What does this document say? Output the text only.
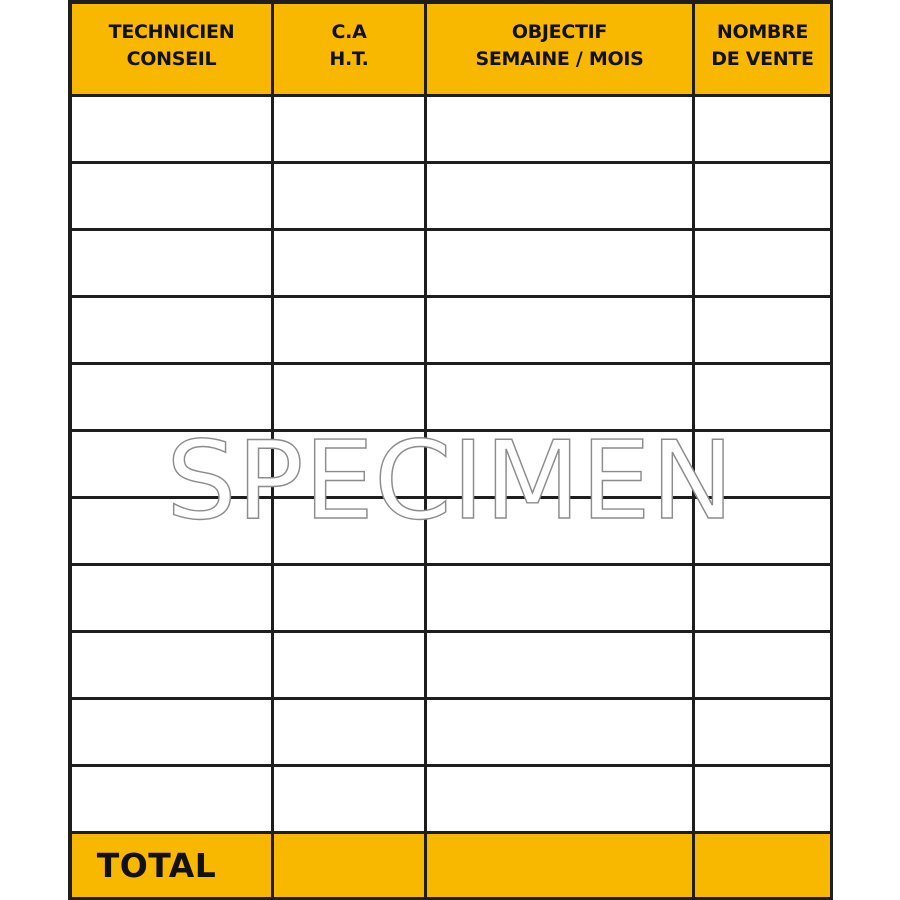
TECHNICIEN
CONSEIL
C.A
H.T.
OBJECTIF
SEMAINE / MOIS
NOMBRE
DE VENTE
TOTAL
SPECIMEN
